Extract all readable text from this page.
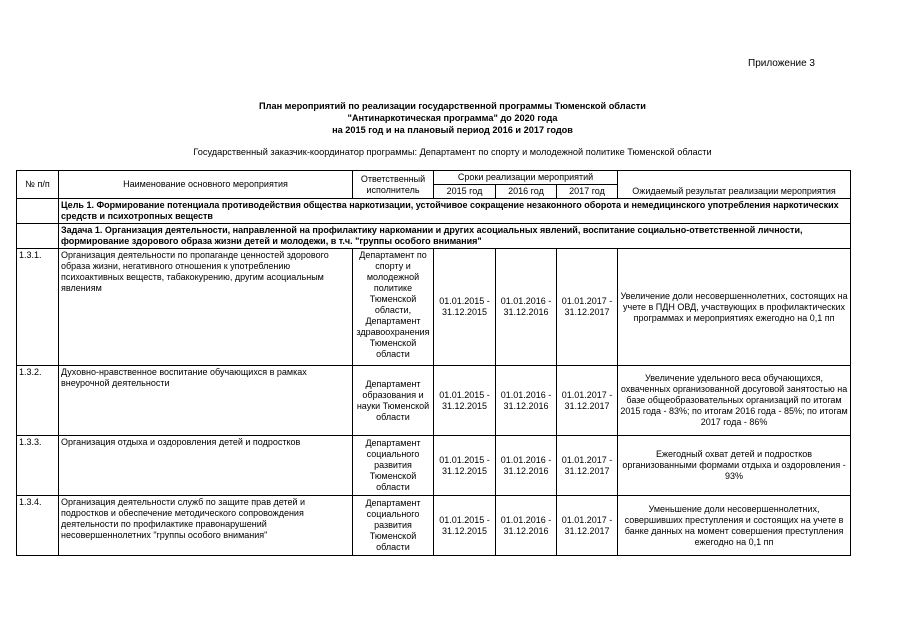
Приложение 3
План мероприятий по реализации государственной программы Тюменской области
"Антинаркотическая программа" до 2020 года
на 2015 год и на плановый период 2016 и 2017 годов
Государственный заказчик-координатор программы: Департамент по спорту и молодежной политике Тюменской области
№ п/п	Наименование основного мероприятия	Ответственный исполнитель	Сроки реализации мероприятий			Ожидаемый результат реализации мероприятия
			2015 год	2016 год	2017 год	
	Цель 1. Формирование потенциала противодействия общества наркотизации, устойчивое сокращение незаконного оборота и немедицинского употребления наркотических средств и психотропных веществ					
	Задача 1. Организация деятельности, направленной на профилактику наркомании и других асоциальных явлений, воспитание социально-ответственной личности, формирование здорового образа жизни детей и молодежи, в т.ч. "группы особого внимания"					
1.3.1.	Организация деятельности по пропаганде ценностей здорового образа жизни, негативного отношения к употреблению психоактивных веществ, табакокурению, другим асоциальным явлениям	Департамент по спорту и молодежной политике Тюменской области, Департамент здравоохранения Тюменской области	01.01.2015 - 31.12.2015	01.01.2016 - 31.12.2016	01.01.2017 - 31.12.2017	Увеличение доли несовершеннолетних, состоящих на учете в ПДН ОВД, участвующих в профилактических программах и мероприятиях ежегодно на 0,1 пп
1.3.2.	Духовно-нравственное воспитание обучающихся в рамках внеурочной деятельности	Департамент образования и науки Тюменской области	01.01.2015 - 31.12.2015	01.01.2016 - 31.12.2016	01.01.2017 - 31.12.2017	Увеличение удельного веса обучающихся, охваченных организованной досуговой занятостью на базе общеобразовательных организаций по итогам 2015 года - 83%; по итогам 2016 года - 85%; по итогам 2017 года - 86%
1.3.3.	Организация отдыха и оздоровления детей и подростков	Департамент социального развития Тюменской области	01.01.2015 - 31.12.2015	01.01.2016 - 31.12.2016	01.01.2017 - 31.12.2017	Ежегодный охват детей и подростков организованными формами отдыха и оздоровления - 93%
1.3.4.	Организация деятельности служб по защите прав детей и подростков и обеспечение методического сопровождения деятельности по профилактике правонарушений несовершеннолетних "группы особого внимания"	Департамент социального развития Тюменской области	01.01.2015 - 31.12.2015	01.01.2016 - 31.12.2016	01.01.2017 - 31.12.2017	Уменьшение доли несовершеннолетних, совершивших преступления и состоящих на учете в банке данных на момент совершения преступления ежегодно на 0,1 пп
